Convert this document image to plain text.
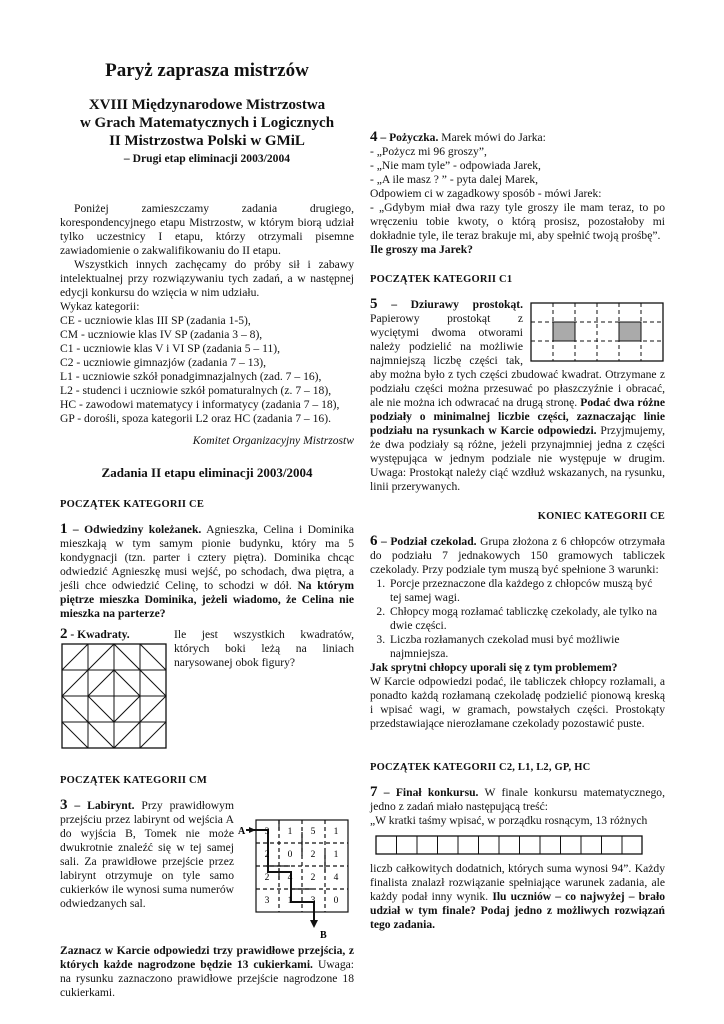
Paryż zaprasza mistrzów

XVIII Międzynarodowe Mistrzostwa

w Grach Matematycznych i Logicznych

II Mistrzostwa Polski w GMiL

– Drugi etap eliminacji 2003/2004

Poniżej zamieszczamy zadania drugiego, korespondencyjnego etapu Mistrzostw, w którym biorą udział tylko uczestnicy I etapu, którzy otrzymali pisemne zawiadomienie o zakwalifikowaniu do II etapu.

Wszystkich innych zachęcamy do próby sił i zabawy intelektualnej przy rozwiązywaniu tych zadań, a w następnej edycji konkursu do wzięcia w nim udziału.

Wykaz kategorii:

CE - uczniowie klas III SP (zadania 1-5),

CM - uczniowie klas IV SP (zadania 3 – 8),

C1 - uczniowie klas V i VI SP (zadania 5 – 11),

C2 - uczniowie gimnazjów (zadania 7 – 13),

L1 - uczniowie szkół ponadgimnazjalnych (zad. 7 – 16),

L2 - studenci i uczniowie szkół pomaturalnych (z. 7 – 18),

HC - zawodowi matematycy i informatycy (zadania 7 – 18),

GP - dorośli, spoza kategorii L2 oraz HC (zadania 7 – 16).

Komitet Organizacyjny Mistrzostw

Zadania II etapu eliminacji 2003/2004

POCZĄTEK KATEGORII CE

1 – Odwiedziny koleżanek. Agnieszka, Celina i Dominika mieszkają w tym samym pionie budynku, który ma 5 kondygnacji (tzn. parter i cztery piętra). Dominika chcąc odwiedzić Agnieszkę musi wejść, po schodach, dwa piętra, a jeśli chce odwiedzić Celinę, to schodzi w dół. Na którym piętrze mieszka Dominika, jeżeli wiadomo, że Celina nie mieszka na parterze?

2 - Kwadraty.	Ile jest wszystkich kwadratów, których boki leżą na liniach narysowanej obok figury?

POCZĄTEK KATEGORII CM

3 – Labirynt. Przy prawidłowym przejściu przez labirynt od wejścia A do wyjścia B, Tomek nie może dwukrotnie znaleźć się w tej samej sali. Za prawidłowe przejście przez labirynt otrzymuje on tyle samo cukierków ile wynosi suma numerów odwiedzanych sal.

A
B
3 1 5 1
2 0 2 1
2 4 2 4
3 1 3 0

Zaznacz w Karcie odpowiedzi trzy prawidłowe przejścia, z których każde nagrodzone będzie 13 cukierkami. Uwaga: na rysunku zaznaczono prawidłowe przejście nagrodzone 18 cukierkami.

4 – Pożyczka. Marek mówi do Jarka:

- „Pożycz mi 96 groszy”,

- „Nie mam tyle” - odpowiada Jarek,

- „A ile masz ? ” - pyta dalej Marek,

Odpowiem ci w zagadkowy sposób - mówi Jarek:

- „Gdybym miał dwa razy tyle groszy ile mam teraz, to po wręczeniu tobie kwoty, o którą prosisz, pozostałoby mi dokładnie tyle, ile teraz brakuje mi, aby spełnić twoją prośbę”.

Ile groszy ma Jarek?

POCZĄTEK KATEGORII C1

5 – Dziurawy prostokąt. Papierowy prostokąt z wyciętymi dwoma otworami należy podzielić na możliwie najmniejszą liczbę części tak, aby można było z tych części zbudować kwadrat. Otrzymane z podziału części można przesuwać po płaszczyźnie i obracać, ale nie można ich odwracać na drugą stronę. Podać dwa różne podziały o minimalnej liczbie części, zaznaczając linie podziału na rysunkach w Karcie odpowiedzi. Przyjmujemy, że dwa podziały są różne, jeżeli przynajmniej jedna z części występująca w jednym podziale nie występuje w drugim. Uwaga: Prostokąt należy ciąć wzdłuż wskazanych, na rysunku, linii przerywanych.

KONIEC KATEGORII CE

6 – Podział czekolad. Grupa złożona z 6 chłopców otrzymała do podziału 7 jednakowych 150 gramowych tabliczek czekolady. Przy podziale tym muszą być spełnione 3 warunki:

1. Porcje przeznaczone dla każdego z chłopców muszą być tej samej wagi.
2. Chłopcy mogą rozłamać tabliczkę czekolady, ale tylko na dwie części.
3. Liczba rozłamanych czekolad musi być możliwie najmniejsza.

Jak sprytni chłopcy uporali się z tym problemem?

W Karcie odpowiedzi podać, ile tabliczek chłopcy rozłamali, a ponadto każdą rozłamaną czekoladę podzielić pionową kreską i wpisać wagi, w gramach, powstałych części. Prostokąty przedstawiające nierozłamane czekolady pozostawić puste.

POCZĄTEK KATEGORII C2, L1, L2, GP, HC

7 – Finał konkursu. W finale konkursu matematycznego, jedno z zadań miało następującą treść:

„W kratki taśmy wpisać, w porządku rosnącym, 13 różnych

liczb całkowitych dodatnich, których suma wynosi 94”. Każdy finalista znalazł rozwiązanie spełniające warunek zadania, ale każdy podał inny wynik. Ilu uczniów – co najwyżej – brało udział w tym finale? Podaj jedno z możliwych rozwiązań tego zadania.
